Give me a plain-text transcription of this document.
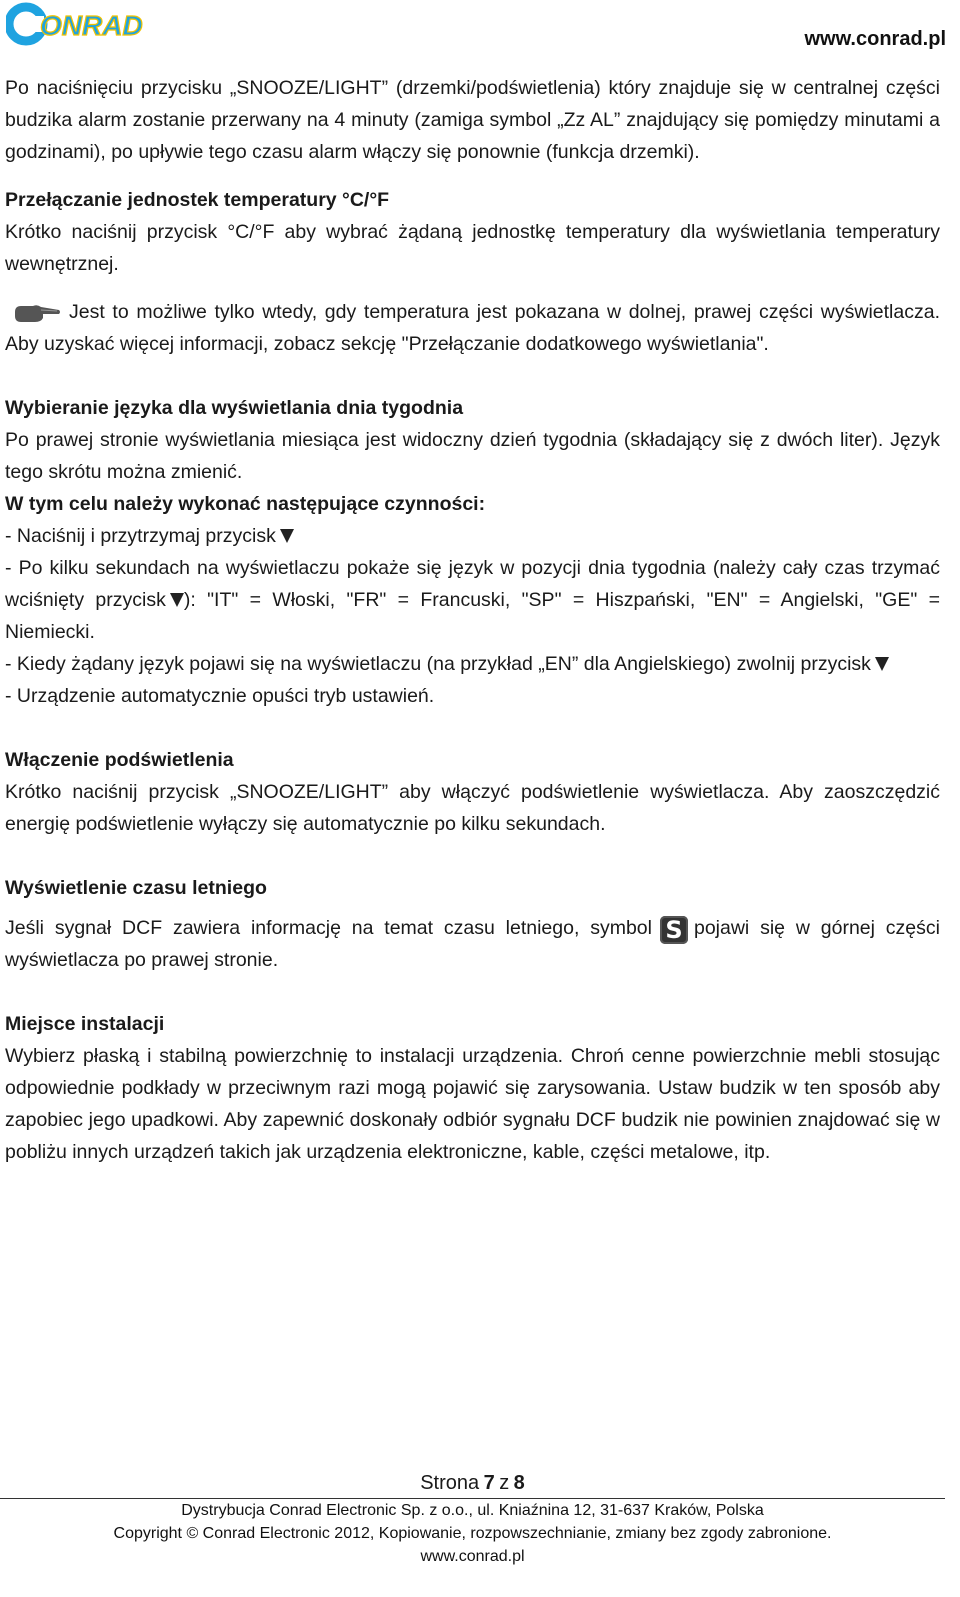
ONRAD	www.conrad.pl

Po naciśnięciu przycisku „SNOOZE/LIGHT” (drzemki/podświetlenia) który znajduje się w centralnej części budzika alarm zostanie przerwany na 4 minuty (zamiga symbol „Zz AL” znajdujący się pomiędzy minutami a godzinami), po upływie tego czasu alarm włączy się ponownie (funkcja drzemki).

Przełączanie jednostek temperatury °C/°F

Krótko naciśnij przycisk °C/°F aby wybrać żądaną jednostkę temperatury dla wyświetlania temperatury wewnętrznej.

Jest to możliwe tylko wtedy, gdy temperatura jest pokazana w dolnej, prawej części wyświetlacza. Aby uzyskać więcej informacji, zobacz sekcję "Przełączanie dodatkowego wyświetlania".

Wybieranie języka dla wyświetlania dnia tygodnia

Po prawej stronie wyświetlania miesiąca jest widoczny dzień tygodnia (składający się z dwóch liter). Język tego skrótu można zmienić.

W tym celu należy wykonać następujące czynności:

- Naciśnij i przytrzymaj przycisk

- Po kilku sekundach na wyświetlaczu pokaże się język w pozycji dnia tygodnia (należy cały czas trzymać wciśnięty przycisk ): "IT" = Włoski, "FR" = Francuski, "SP" = Hiszpański, "EN" = Angielski, "GE" = Niemiecki.

- Kiedy żądany język pojawi się na wyświetlaczu (na przykład „EN” dla Angielskiego) zwolnij przycisk

- Urządzenie automatycznie opuści tryb ustawień.

Włączenie podświetlenia

Krótko naciśnij przycisk „SNOOZE/LIGHT” aby włączyć podświetlenie wyświetlacza. Aby zaoszczędzić energię podświetlenie wyłączy się automatycznie po kilku sekundach.

Wyświetlenie czasu letniego

Jeśli sygnał DCF zawiera informację na temat czasu letniego, symbol S pojawi się w górnej części wyświetlacza po prawej stronie.

Miejsce instalacji

Wybierz płaską i stabilną powierzchnię to instalacji urządzenia. Chroń cenne powierzchnie mebli stosując odpowiednie podkłady w przeciwnym razi mogą pojawić się zarysowania. Ustaw budzik w ten sposób aby zapobiec jego upadkowi. Aby zapewnić doskonały odbiór sygnału DCF budzik nie powinien znajdować się w pobliżu innych urządzeń takich jak urządzenia elektroniczne, kable, części metalowe, itp.

Strona 7 z 8
Dystrybucja Conrad Electronic Sp. z o.o., ul. Kniaźnina 12, 31-637 Kraków, Polska
Copyright © Conrad Electronic 2012, Kopiowanie, rozpowszechnianie, zmiany bez zgody zabronione.
www.conrad.pl
